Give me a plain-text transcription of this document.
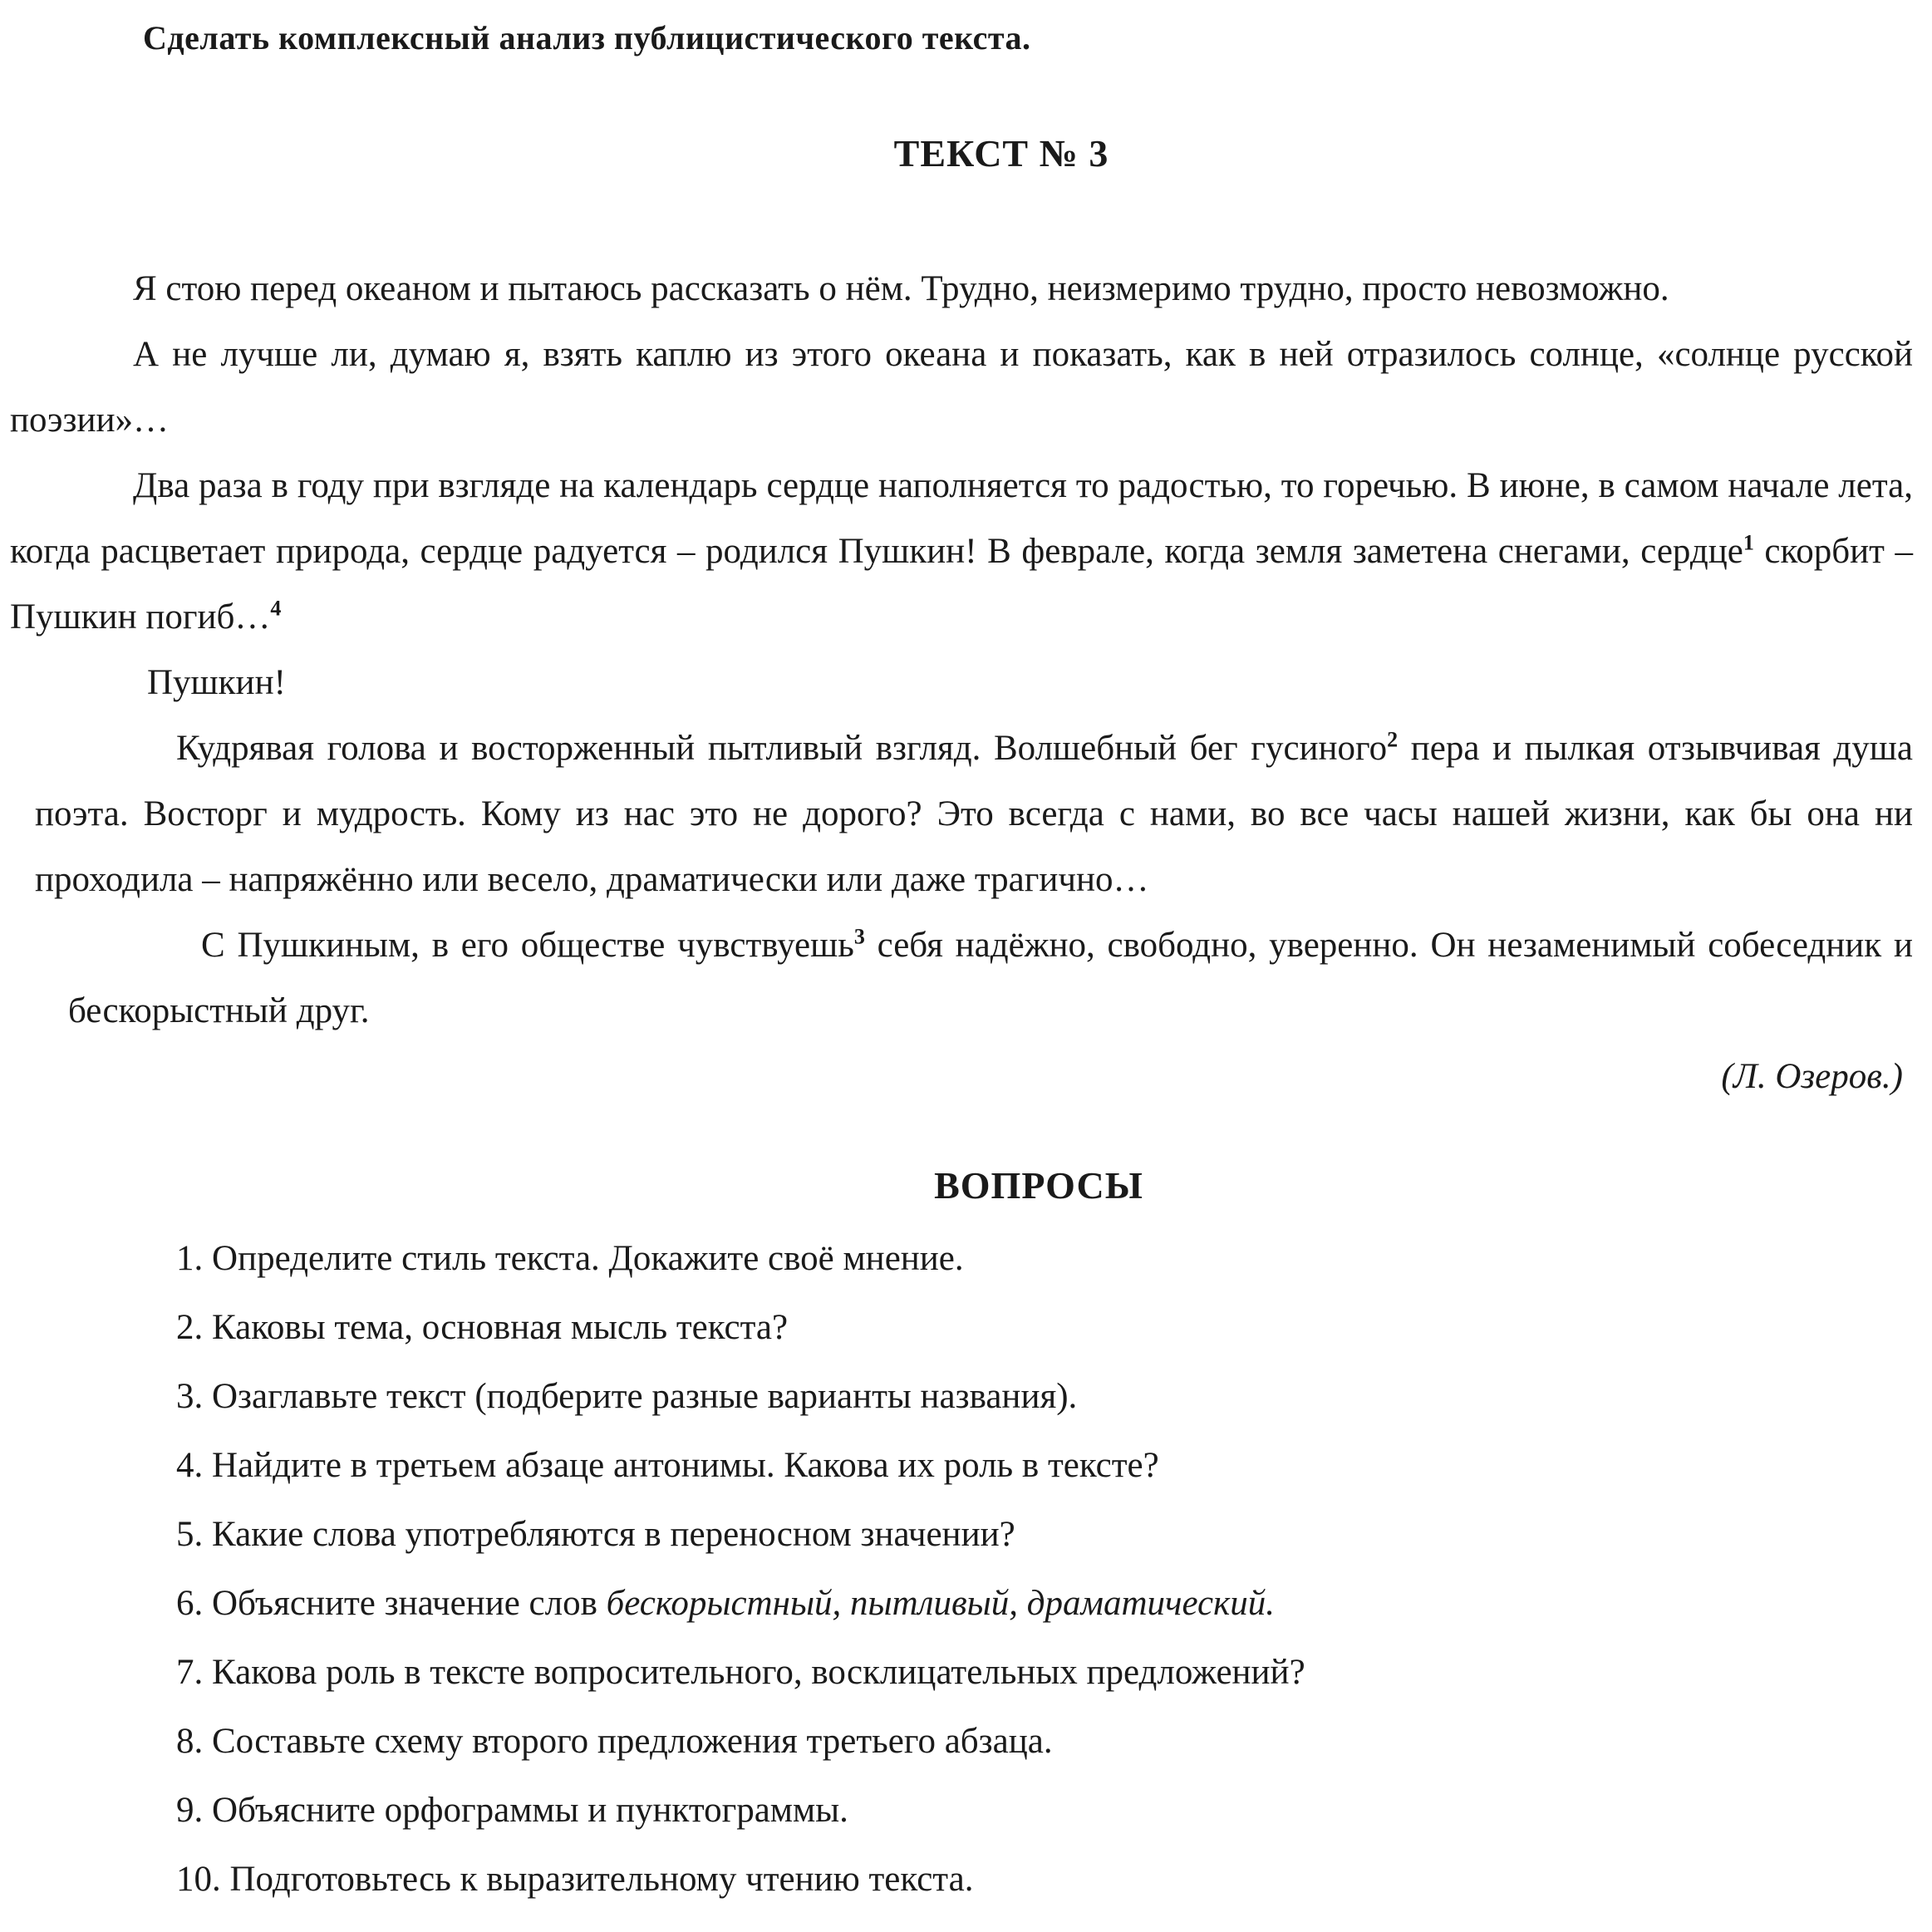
Сделать комплексный анализ публицистического текста.
ТЕКСТ № 3

Я стою перед океаном и пытаюсь рассказать о нём. Трудно, неизмеримо трудно, просто невозможно.

А не лучше ли, думаю я, взять каплю из этого океана и показать, как в ней отразилось солнце, «солнце русской поэзии»…

Два раза в году при взгляде на календарь сердце наполняется то радостью, то горечью. В июне, в самом начале лета, когда расцветает природа, сердце радуется – родился Пушкин! В феврале, когда земля заметена снегами, сердце$^1$ скорбит – Пушкин погиб…$^4$

Пушкин!

Кудрявая голова и восторженный пытливый взгляд. Волшебный бег гусиного$^2$ пера и пылкая отзывчивая душа поэта. Восторг и мудрость. Кому из нас это не дорого? Это всегда с нами, во все часы нашей жизни, как бы она ни проходила – напряжённо или весело, драматически или даже трагично…

С Пушкиным, в его обществе чувствуешь$^3$ себя надёжно, свободно, уверенно. Он незаменимый собеседник и бескорыстный друг.

(Л. Озеров.)
ВОПРОСЫ
1. Определите стиль текста. Докажите своё мнение.
2. Каковы тема, основная мысль текста?
3. Озаглавьте текст (подберите разные варианты названия).
4. Найдите в третьем абзаце антонимы. Какова их роль в тексте?
5. Какие слова употребляются в переносном значении?
6. Объясните значение слов бескорыстный, пытливый, драматический.
7. Какова роль в тексте вопросительного, восклицательных предложений?
8. Составьте схему второго предложения третьего абзаца.
9. Объясните орфограммы и пунктограммы.
10. Подготовьтесь к выразительному чтению текста.
